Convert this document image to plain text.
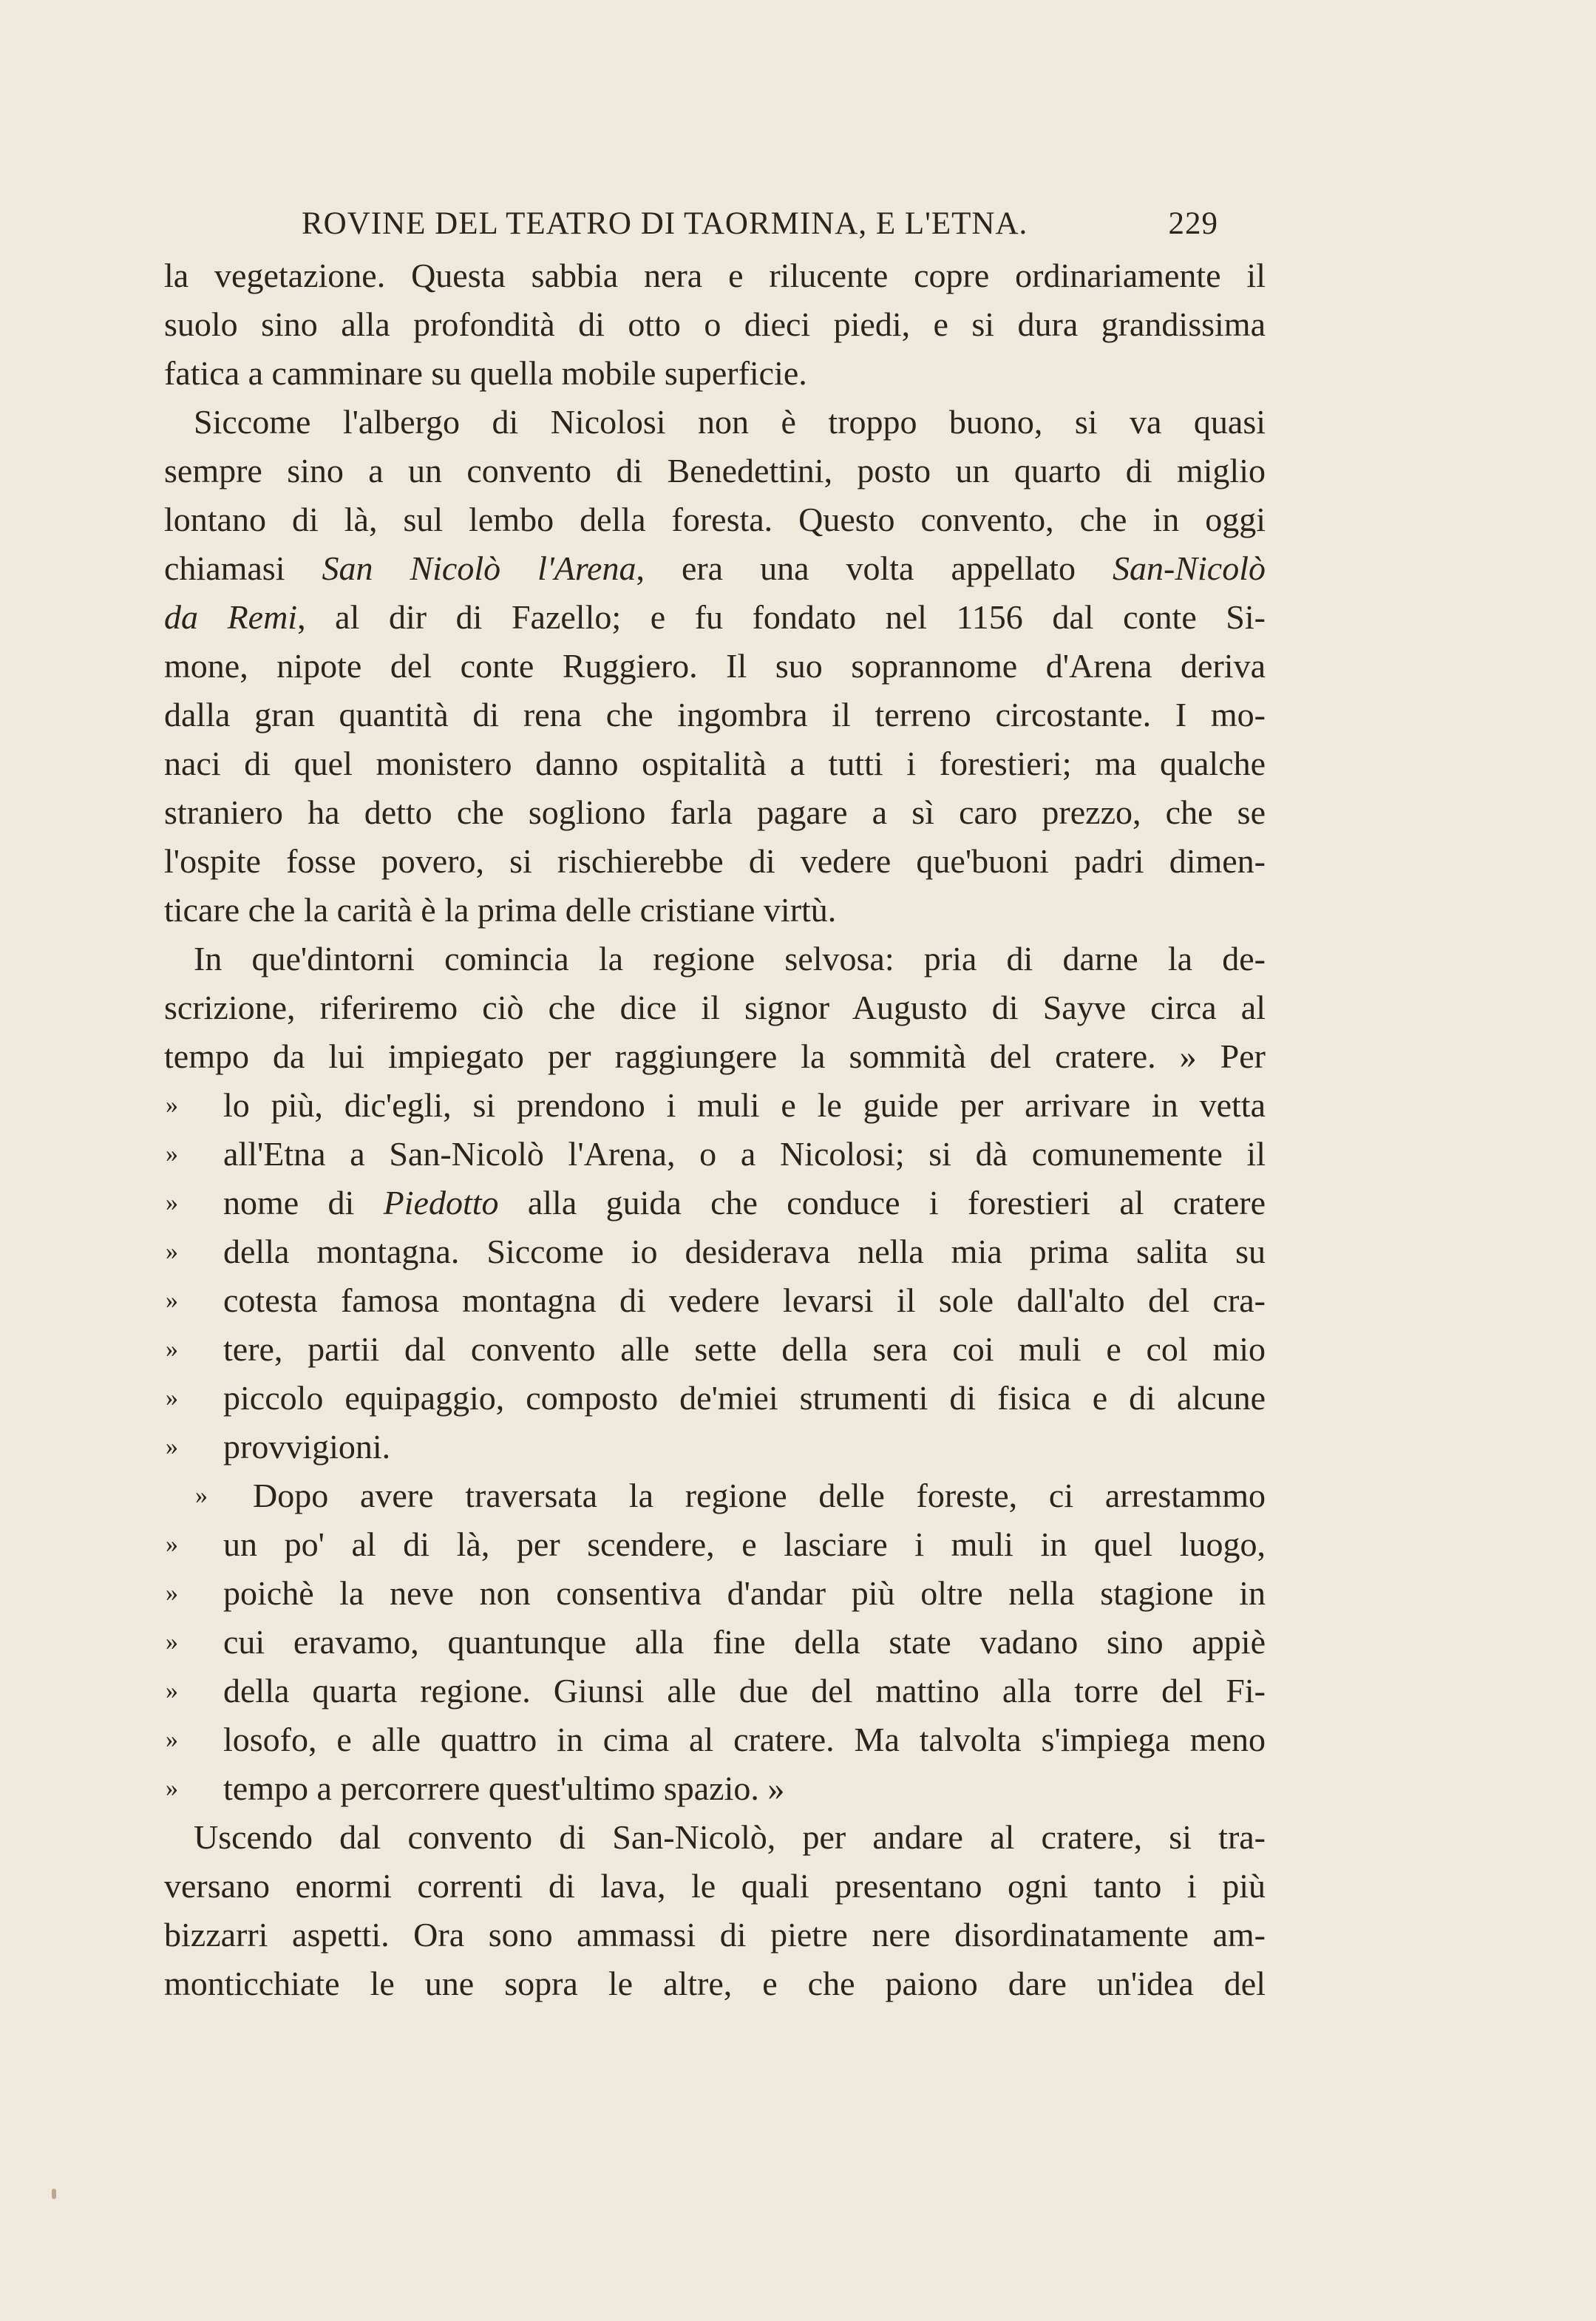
ROVINE DEL TEATRO DI TAORMINA, E L'ETNA.	229
la vegetazione. Questa sabbia nera e rilucente copre ordinariamente il
suolo sino alla profondità di otto o dieci piedi, e si dura grandissima
fatica a camminare su quella mobile superficie.
Siccome l'albergo di Nicolosi non è troppo buono, si va quasi
sempre sino a un convento di Benedettini, posto un quarto di miglio
lontano di là, sul lembo della foresta. Questo convento, che in oggi
chiamasi San Nicolò l'Arena, era una volta appellato San-Nicolò
da Remi, al dir di Fazello; e fu fondato nel 1156 dal conte Si-
mone, nipote del conte Ruggiero. Il suo soprannome d'Arena deriva
dalla gran quantità di rena che ingombra il terreno circostante. I mo-
naci di quel monistero danno ospitalità a tutti i forestieri; ma qualche
straniero ha detto che sogliono farla pagare a sì caro prezzo, che se
l'ospite fosse povero, si rischierebbe di vedere que'buoni padri dimen-
ticare che la carità è la prima delle cristiane virtù.
In que'dintorni comincia la regione selvosa: pria di darne la de-
scrizione, riferiremo ciò che dice il signor Augusto di Sayve circa al
tempo da lui impiegato per raggiungere la sommità del cratere. » Per
» lo più, dic'egli, si prendono i muli e le guide per arrivare in vetta
» all'Etna a San-Nicolò l'Arena, o a Nicolosi; si dà comunemente il
» nome di Piedotto alla guida che conduce i forestieri al cratere
» della montagna. Siccome io desiderava nella mia prima salita su
» cotesta famosa montagna di vedere levarsi il sole dall'alto del cra-
» tere, partii dal convento alle sette della sera coi muli e col mio
» piccolo equipaggio, composto de'miei strumenti di fisica e di alcune
» provvigioni.
» Dopo avere traversata la regione delle foreste, ci arrestammo
» un po' al di là, per scendere, e lasciare i muli in quel luogo,
» poichè la neve non consentiva d'andar più oltre nella stagione in
» cui eravamo, quantunque alla fine della state vadano sino appiè
» della quarta regione. Giunsi alle due del mattino alla torre del Fi-
» losofo, e alle quattro in cima al cratere. Ma talvolta s'impiega meno
» tempo a percorrere quest'ultimo spazio. »
Uscendo dal convento di San-Nicolò, per andare al cratere, si tra-
versano enormi correnti di lava, le quali presentano ogni tanto i più
bizzarri aspetti. Ora sono ammassi di pietre nere disordinatamente am-
monticchiate le une sopra le altre, e che paiono dare un'idea del
